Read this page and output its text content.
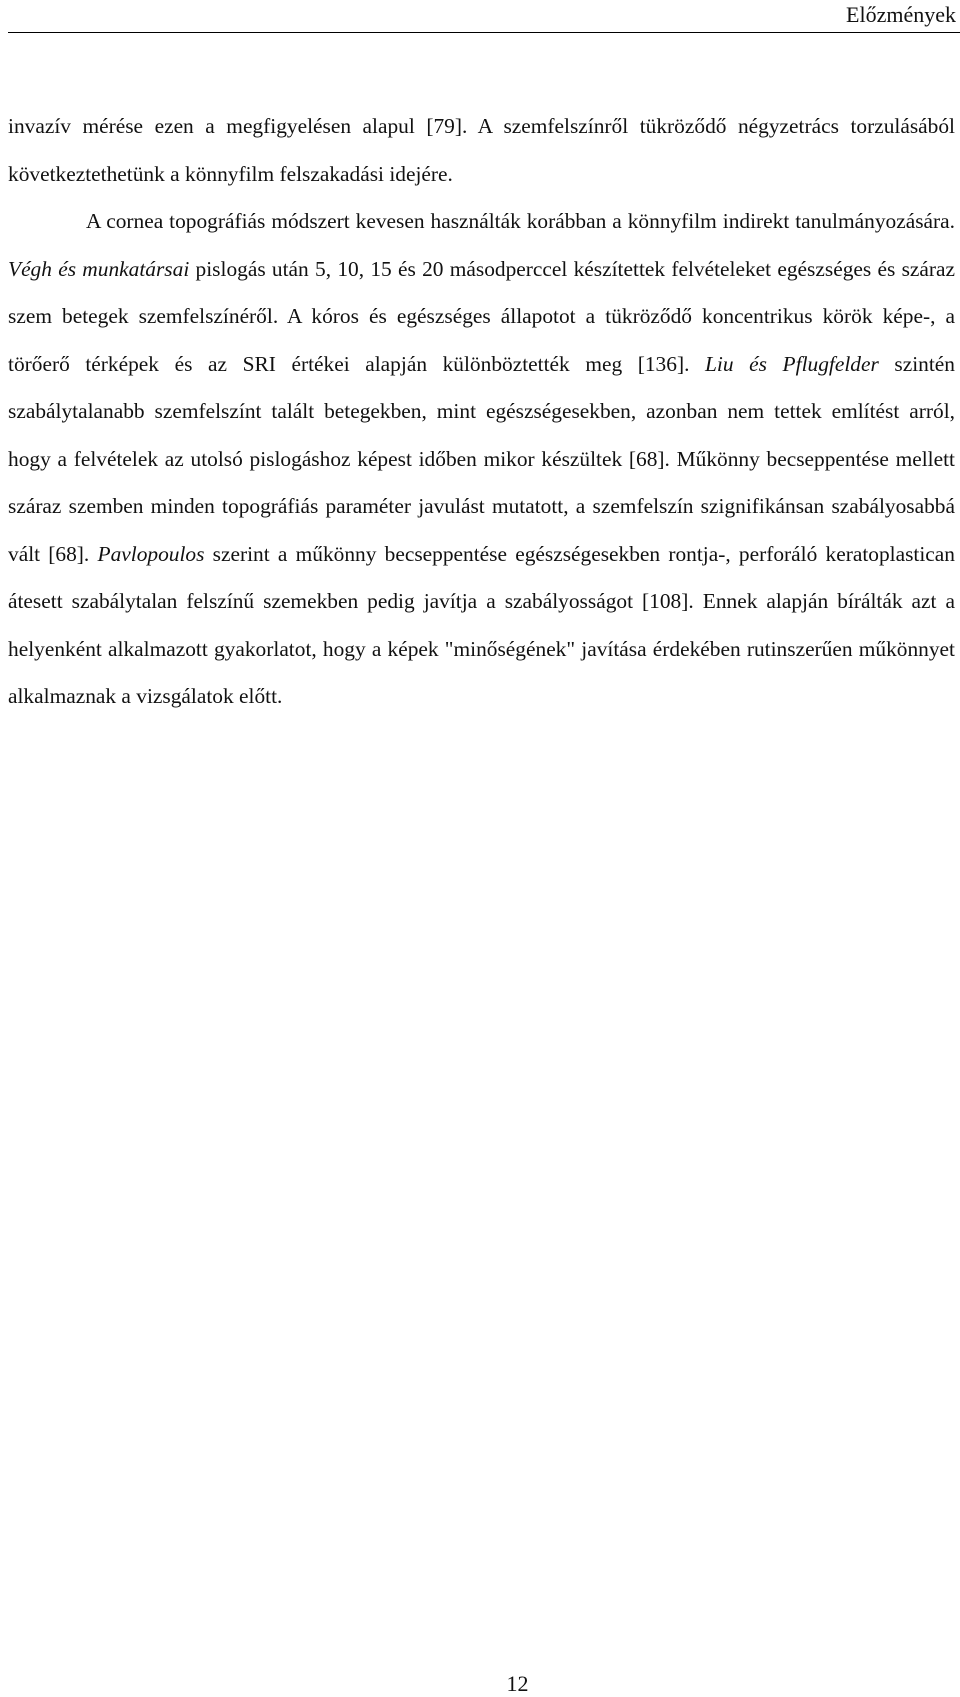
Előzmények

invazív mérése ezen a megfigyelésen alapul [79]. A szemfelszínről tükröződő négyzetrács torzulásából következtethetünk a könnyfilm felszakadási idejére.

A cornea topográfiás módszert kevesen használták korábban a könnyfilm indirekt tanulmányozására. Végh és munkatársai pislogás után 5, 10, 15 és 20 másodperccel készítettek felvételeket egészséges és száraz szem betegek szemfelszínéről. A kóros és egészséges állapotot a tükröződő koncentrikus körök képe-, a törőerő térképek és az SRI értékei alapján különböztették meg [136]. Liu és Pflugfelder szintén szabálytalanabb szemfelszínt talált betegekben, mint egészségesekben, azonban nem tettek említést arról, hogy a felvételek az utolsó pislogáshoz képest időben mikor készültek [68]. Műkönny becseppentése mellett száraz szemben minden topográfiás paraméter javulást mutatott, a szemfelszín szignifikánsan szabályosabbá vált [68]. Pavlopoulos szerint a műkönny becseppentése egészségesekben rontja-, perforáló keratoplastican átesett szabálytalan felszínű szemekben pedig javítja a szabályosságot [108]. Ennek alapján bírálták azt a helyenként alkalmazott gyakorlatot, hogy a képek "minőségének" javítása érdekében rutinszerűen műkönnyet alkalmaznak a vizsgálatok előtt.

12
